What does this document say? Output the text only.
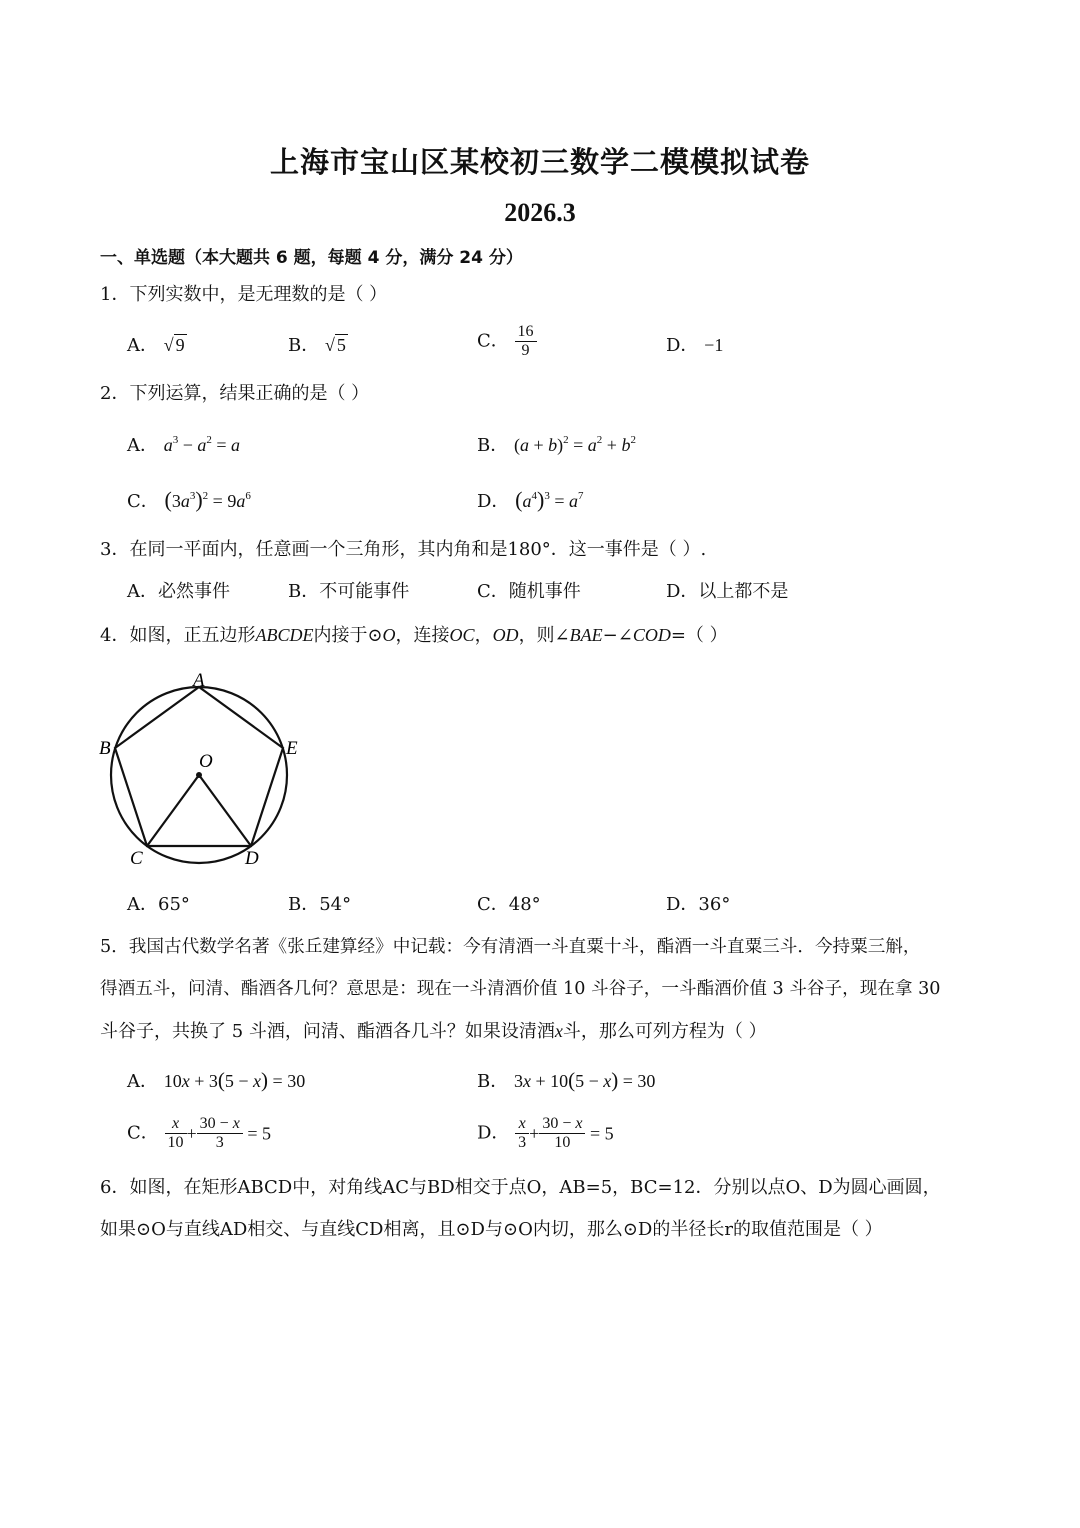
上海市宝山区某校初三数学二模模拟试卷
2026.3
一、单选题（本大题共 6 题，每题 4 分，满分 24 分）
1．下列实数中，是无理数的是（ ）
A． √ 9	B． √ 5	C． $\frac{16}{9}$	D． −1
2．下列运算，结果正确的是（ ）
A． $a^3 - a^2 = a$	B． $(a + b)^2 = a^2 + b^2$
C． $(3a^3)^2 = 9a^6$	D． $(a^4)^3 = a^7$
3．在同一平面内，任意画一个三角形，其内角和是180°．这一事件是（ ）.
A．必然事件	B．不可能事件	C．随机事件	D．以上都不是
4．如图，正五边形ABCDE内接于⊙O，连接OC，OD，则∠BAE−∠COD=（ ）
A
B
C	D
E
O
A．65°	B．54°	C．48°	D．36°
5．我国古代数学名著《张丘建算经》中记载：今有清酒一斗直粟十斗，酯酒一斗直粟三斗．今持粟三斛，
得酒五斗，问清、酯酒各几何？意思是：现在一斗清酒价值 10 斗谷子，一斗酯酒价值 3 斗谷子，现在拿 30
斗谷子，共换了 5 斗酒，问清、酯酒各几斗？如果设清酒x斗，那么可列方程为（ ）
A． 10x + 3(5 − x) = 30	B． 3x + 10(5 − x) = 30
C． $\frac{x}{10} + \frac{30 - x}{3} = 5$	D． $\frac{x}{3} + \frac{30 - x}{10} = 5$
6．如图，在矩形ABCD中，对角线AC与BD相交于点O，AB=5，BC=12．分别以点O、D为圆心画圆，
如果⊙O与直线AD相交、与直线CD相离，且⊙D与⊙O内切，那么⊙D的半径长r的取值范围是（ ）
